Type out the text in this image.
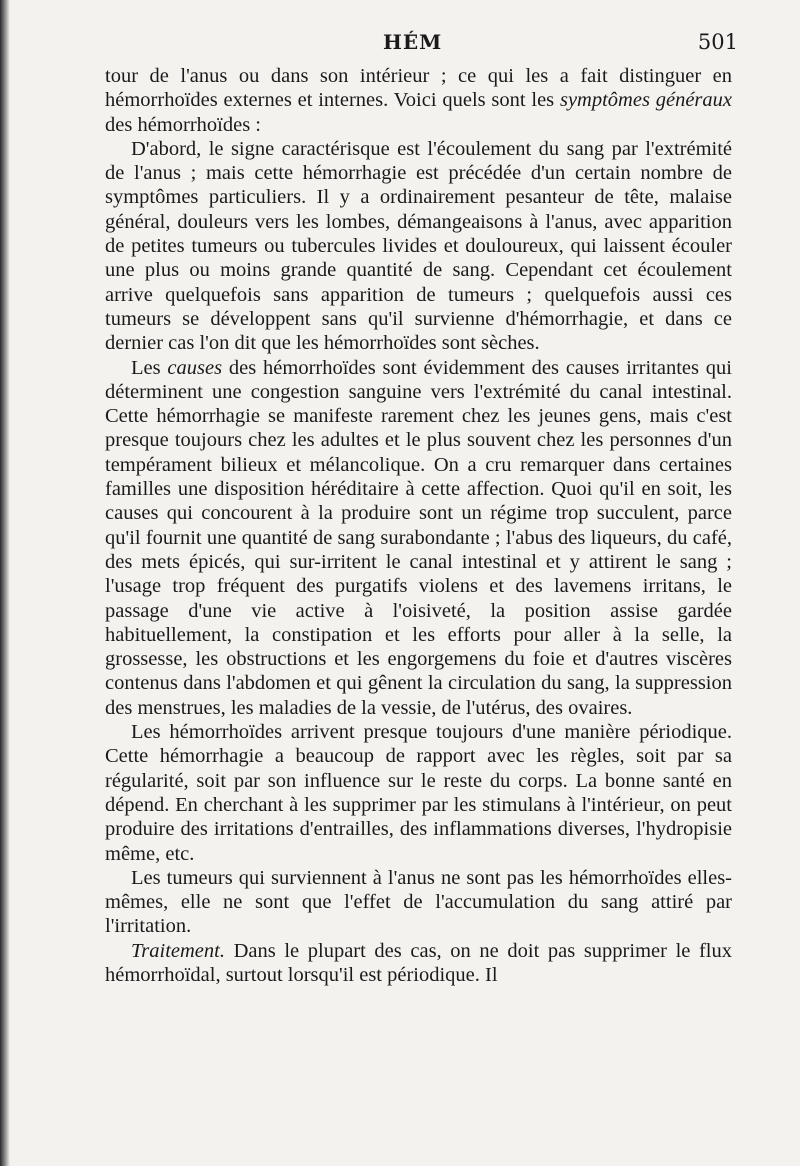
HÉM	501

tour de l'anus ou dans son intérieur ; ce qui les a fait distinguer en hémorrhoïdes externes et internes. Voici quels sont les symptômes généraux des hémorrhoïdes :

D'abord, le signe caractérisque est l'écoulement du sang par l'extrémité de l'anus ; mais cette hémorrhagie est précédée d'un certain nombre de symptômes particuliers. Il y a ordinairement pesanteur de tête, malaise général, douleurs vers les lombes, démangeaisons à l'anus, avec apparition de petites tumeurs ou tubercules livides et douloureux, qui laissent écouler une plus ou moins grande quantité de sang. Cependant cet écoulement arrive quelquefois sans apparition de tumeurs ; quelquefois aussi ces tumeurs se développent sans qu'il survienne d'hémorrhagie, et dans ce dernier cas l'on dit que les hémorrhoïdes sont sèches.

Les causes des hémorrhoïdes sont évidemment des causes irritantes qui déterminent une congestion sanguine vers l'extrémité du canal intestinal. Cette hémorrhagie se manifeste rarement chez les jeunes gens, mais c'est presque toujours chez les adultes et le plus souvent chez les personnes d'un tempérament bilieux et mélancolique. On a cru remarquer dans certaines familles une disposition héréditaire à cette affection. Quoi qu'il en soit, les causes qui concourent à la produire sont un régime trop succulent, parce qu'il fournit une quantité de sang surabondante ; l'abus des liqueurs, du café, des mets épicés, qui sur-irritent le canal intestinal et y attirent le sang ; l'usage trop fréquent des purgatifs violens et des lavemens irritans, le passage d'une vie active à l'oisiveté, la position assise gardée habituellement, la constipation et les efforts pour aller à la selle, la grossesse, les obstructions et les engorgemens du foie et d'autres viscères contenus dans l'abdomen et qui gênent la circulation du sang, la suppression des menstrues, les maladies de la vessie, de l'utérus, des ovaires.

Les hémorrhoïdes arrivent presque toujours d'une manière périodique. Cette hémorrhagie a beaucoup de rapport avec les règles, soit par sa régularité, soit par son influence sur le reste du corps. La bonne santé en dépend. En cherchant à les supprimer par les stimulans à l'intérieur, on peut produire des irritations d'entrailles, des inflammations diverses, l'hydropisie même, etc.

Les tumeurs qui surviennent à l'anus ne sont pas les hémorrhoïdes elles-mêmes, elle ne sont que l'effet de l'accumulation du sang attiré par l'irritation.

Traitement. Dans le plupart des cas, on ne doit pas supprimer le flux hémorrhoïdal, surtout lorsqu'il est périodique. Il
